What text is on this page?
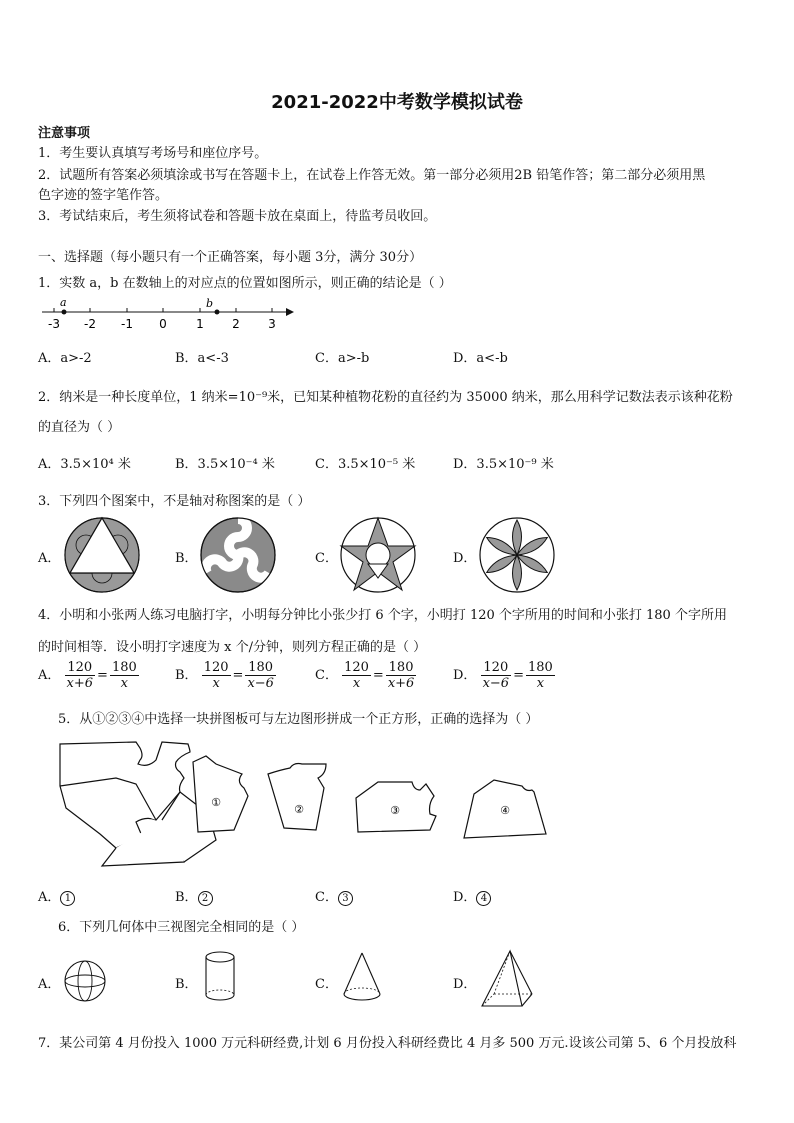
2021-2022中考数学模拟试卷
注意事项
1．考生要认真填写考场号和座位序号。
2．试题所有答案必须填涂或书写在答题卡上，在试卷上作答无效。第一部分必须用2B 铅笔作答；第二部分必须用黑
色字迹的签字笔作答。
3．考试结束后，考生须将试卷和答题卡放在桌面上，待监考员收回。
一、选择题（每小题只有一个正确答案，每小题 3分，满分 30分）
1．实数 a，b 在数轴上的对应点的位置如图所示，则正确的结论是（ ）
a	b
-3 -2 -1 0 1 2 3
A．a>-2	B．a<-3	C．a>-b	D．a<-b
2．纳米是一种长度单位，1 纳米=10⁻⁹米，已知某种植物花粉的直径约为 35000 纳米，那么用科学记数法表示该种花粉
的直径为（ ）
A．3.5×10⁴ 米	B．3.5×10⁻⁴ 米	C．3.5×10⁻⁵ 米	D．3.5×10⁻⁹ 米
3．下列四个图案中，不是轴对称图案的是（ ）
A．	B．	C．	D．
4．小明和小张两人练习电脑打字，小明每分钟比小张少打 6 个字，小明打 120 个字所用的时间和小张打 180 个字所用
的时间相等．设小明打字速度为 x 个/分钟，则列方程正确的是（ ）
A． $\frac{120}{x+6} = \frac{180}{x}$	B． $\frac{120}{x} = \frac{180}{x-6}$	C． $\frac{120}{x} = \frac{180}{x+6}$	D． $\frac{120}{x-6} = \frac{180}{x}$
5．从①②③④中选择一块拼图板可与左边图形拼成一个正方形，正确的选择为（ ）
①
②	③	④
A． 1	B． 2	C． 3	D． 4
6．下列几何体中三视图完全相同的是（ ）
A．	B．	C．	D．
7．某公司第 4 月份投入 1000 万元科研经费,计划 6 月份投入科研经费比 4 月多 500 万元.设该公司第 5、6 个月投放科
